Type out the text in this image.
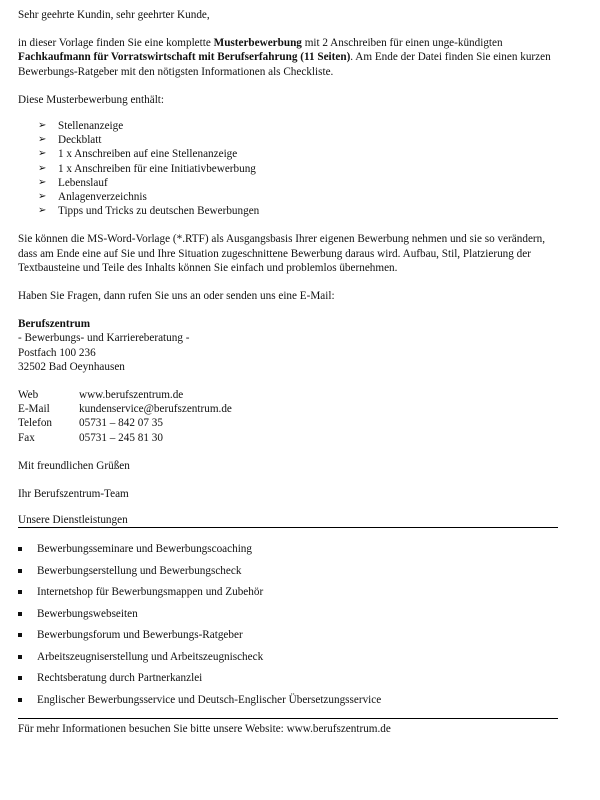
Sehr geehrte Kundin, sehr geehrter Kunde,

in dieser Vorlage finden Sie eine komplette Musterbewerbung mit 2 Anschreiben für einen unge-kündigten Fachkaufmann für Vorratswirtschaft mit Berufserfahrung (11 Seiten). Am Ende der Datei finden Sie einen kurzen Bewerbungs-Ratgeber mit den nötigsten Informationen als Checkliste.

Diese Musterbewerbung enthält:

➢ Stellenanzeige
➢ Deckblatt
➢ 1 x Anschreiben auf eine Stellenanzeige
➢ 1 x Anschreiben für eine Initiativbewerbung
➢ Lebenslauf
➢ Anlagenverzeichnis
➢ Tipps und Tricks zu deutschen Bewerbungen

Sie können die MS-Word-Vorlage (*.RTF) als Ausgangsbasis Ihrer eigenen Bewerbung nehmen und sie so verändern, dass am Ende eine auf Sie und Ihre Situation zugeschnittene Bewerbung daraus wird. Aufbau, Stil, Platzierung der Textbausteine und Teile des Inhalts können Sie einfach und problemlos übernehmen.

Haben Sie Fragen, dann rufen Sie uns an oder senden uns eine E-Mail:

Berufszentrum

- Bewerbungs- und Karriereberatung -

Postfach 100 236

32502 Bad Oeynhausen

Web	www.berufszentrum.de
E-Mail	kundenservice@berufszentrum.de
Telefon	05731 – 842 07 35
Fax	05731 – 245 81 30

Mit freundlichen Grüßen

Ihr Berufszentrum-Team

Unsere Dienstleistungen

Bewerbungsseminare und Bewerbungscoaching
Bewerbungserstellung und Bewerbungscheck
Internetshop für Bewerbungsmappen und Zubehör
Bewerbungswebseiten
Bewerbungsforum und Bewerbungs-Ratgeber
Arbeitszeugniserstellung und Arbeitszeugnischeck
Rechtsberatung durch Partnerkanzlei
Englischer Bewerbungsservice und Deutsch-Englischer Übersetzungsservice

Für mehr Informationen besuchen Sie bitte unsere Website: www.berufszentrum.de
